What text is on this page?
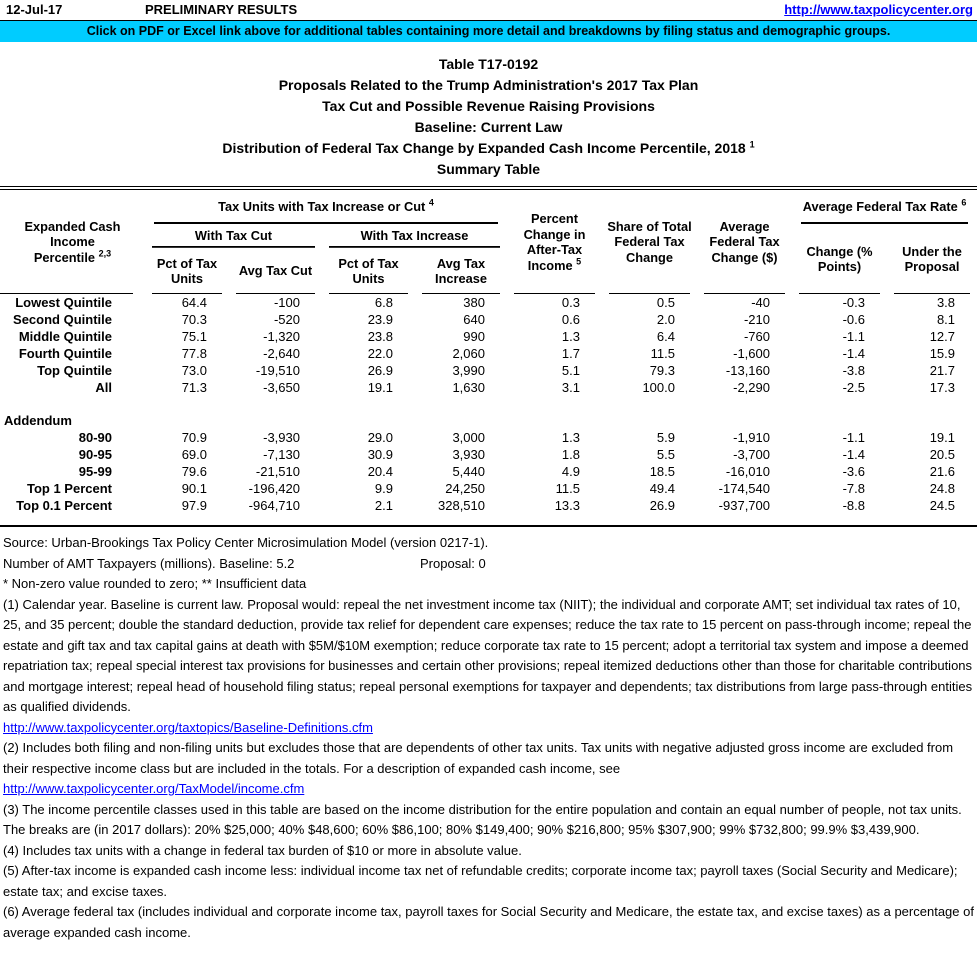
12-Jul-17	PRELIMINARY RESULTS	http://www.taxpolicycenter.org
Click on PDF or Excel link above for additional tables containing more detail and breakdowns by filing status and demographic groups.
Table T17-0192
Proposals Related to the Trump Administration's 2017 Tax Plan
Tax Cut and Possible Revenue Raising Provisions
Baseline: Current Law
Distribution of Federal Tax Change by Expanded Cash Income Percentile, 2018 $^1$
Summary Table
Expanded Cash Income
Percentile $^{2,3}$	Tax Units with Tax Increase or Cut $^4$				Percent Change in After-Tax Income $^5$	Share of Total Federal Tax Change	Average Federal Tax Change ($)	Average Federal Tax Rate $^6$
	With Tax Cut		With Tax Increase					Change (% Points)	Under the Proposal
	Pct of Tax Units	Avg Tax Cut	Pct of Tax Units	Avg Tax Increase					
Lowest Quintile	64.4	-100	6.8	380	0.3	0.5	-40	-0.3	3.8
Second Quintile	70.3	-520	23.9	640	0.6	2.0	-210	-0.6	8.1
Middle Quintile	75.1	-1,320	23.8	990	1.3	6.4	-760	-1.1	12.7
Fourth Quintile	77.8	-2,640	22.0	2,060	1.7	11.5	-1,600	-1.4	15.9
Top Quintile	73.0	-19,510	26.9	3,990	5.1	79.3	-13,160	-3.8	21.7
All	71.3	-3,650	19.1	1,630	3.1	100.0	-2,290	-2.5	17.3

Addendum									
80-90	70.9	-3,930	29.0	3,000	1.3	5.9	-1,910	-1.1	19.1
90-95	69.0	-7,130	30.9	3,930	1.8	5.5	-3,700	-1.4	20.5
95-99	79.6	-21,510	20.4	5,440	4.9	18.5	-16,010	-3.6	21.6
Top 1 Percent	90.1	-196,420	9.9	24,250	11.5	49.4	-174,540	-7.8	24.8
Top 0.1 Percent	97.9	-964,710	2.1	328,510	13.3	26.9	-937,700	-8.8	24.5

Source: Urban-Brookings Tax Policy Center Microsimulation Model (version 0217-1).
Number of AMT Taxpayers (millions). Baseline: 5.2	Proposal: 0
* Non-zero value rounded to zero; ** Insufficient data
(1) Calendar year. Baseline is current law. Proposal would: repeal the net investment income tax (NIIT); the individual and corporate AMT; set individual tax rates of 10, 25, and 35 percent; double the standard deduction, provide tax relief for dependent care expenses; reduce the tax rate to 15 percent on pass-through income; repeal the estate and gift tax and tax capital gains at death with $5M/$10M exemption; reduce corporate tax rate to 15 percent; adopt a territorial tax system and impose a deemed repatriation tax; repeal special interest tax provisions for businesses and certain other provisions; repeal itemized deductions other than those for charitable contributions and mortgage interest; repeal head of household filing status; repeal personal exemptions for taxpayer and dependents; tax distributions from large pass-through entities as qualified dividends.
http://www.taxpolicycenter.org/taxtopics/Baseline-Definitions.cfm
(2) Includes both filing and non-filing units but excludes those that are dependents of other tax units. Tax units with negative adjusted gross income are excluded from their respective income class but are included in the totals. For a description of expanded cash income, see
http://www.taxpolicycenter.org/TaxModel/income.cfm
(3) The income percentile classes used in this table are based on the income distribution for the entire population and contain an equal number of people, not tax units. The breaks are (in 2017 dollars): 20% $25,000; 40% $48,600; 60% $86,100; 80% $149,400; 90% $216,800; 95% $307,900; 99% $732,800; 99.9% $3,439,900.
(4) Includes tax units with a change in federal tax burden of $10 or more in absolute value.
(5) After-tax income is expanded cash income less: individual income tax net of refundable credits; corporate income tax; payroll taxes (Social Security and Medicare); estate tax; and excise taxes.
(6) Average federal tax (includes individual and corporate income tax, payroll taxes for Social Security and Medicare, the estate tax, and excise taxes) as a percentage of average expanded cash income.
